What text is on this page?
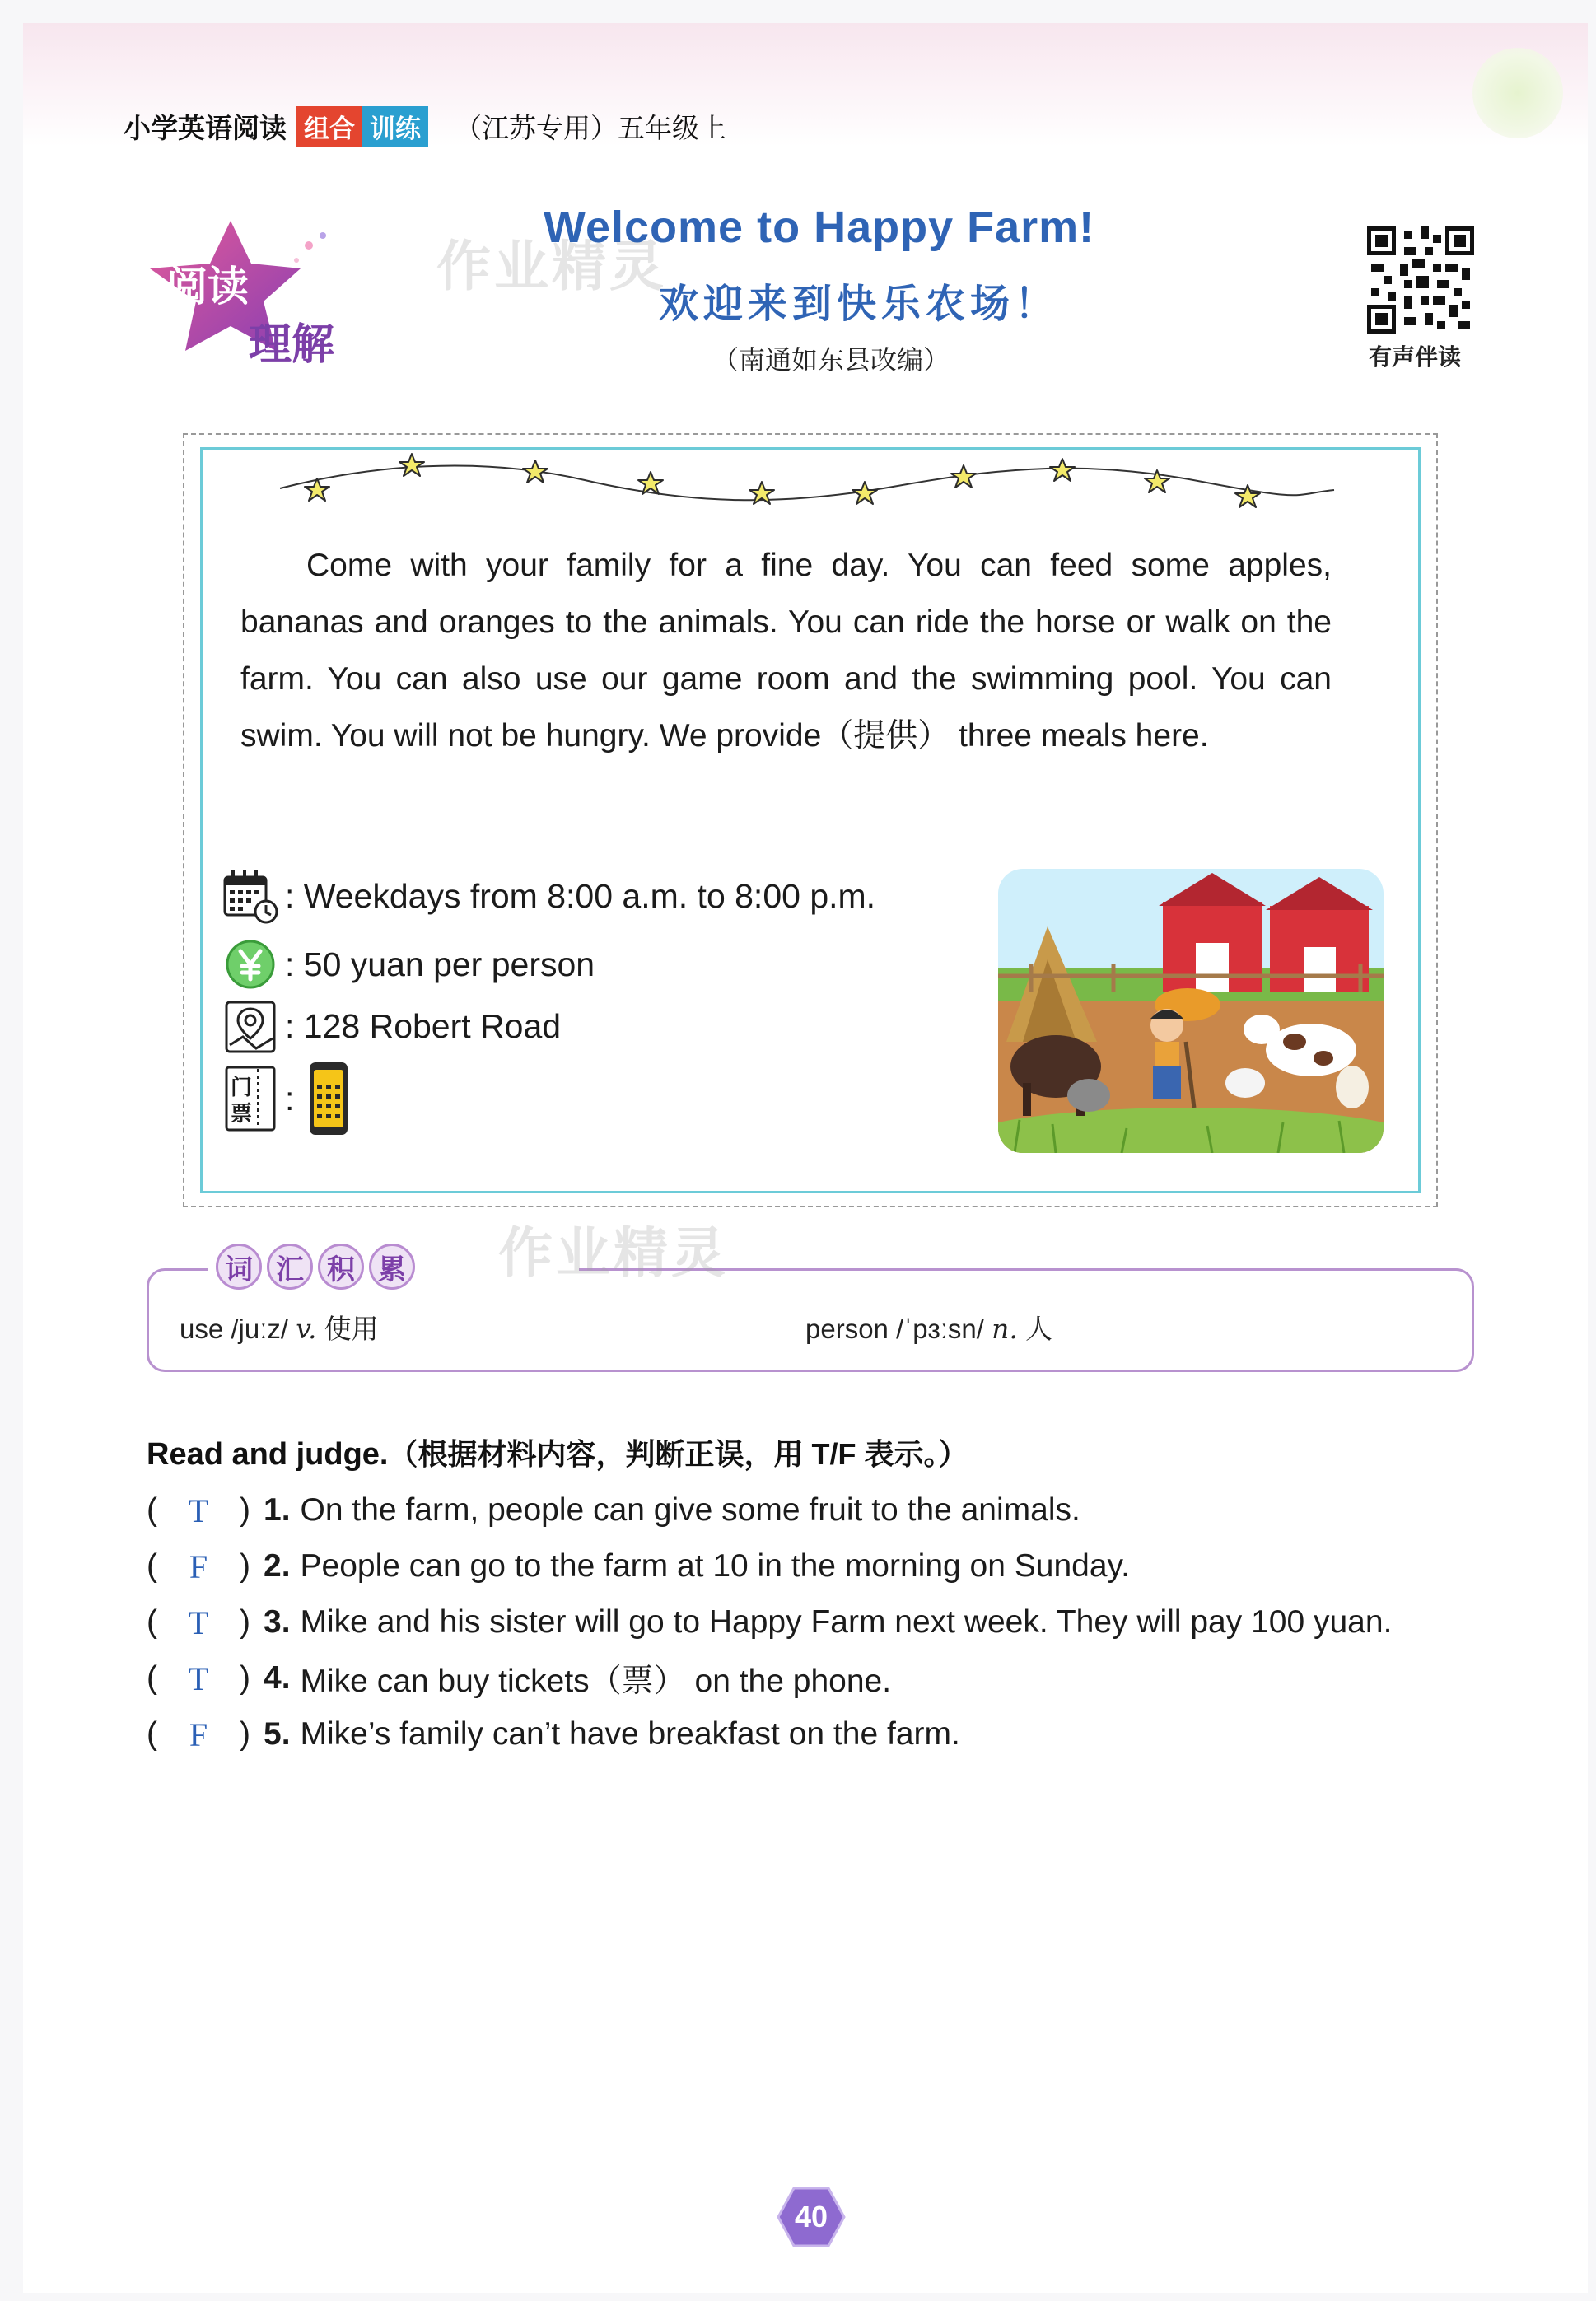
小学英语阅读 组合 训练 （江苏专用）五年级上
阅读
理解
作业精灵
Welcome to Happy Farm!
欢迎来到快乐农场！
（南通如东县改编）	有声伴读

Come with your family for a fine day. You can feed some apples, bananas and oranges to the animals. You can ride the horse or walk on the farm. You can also use our game room and the swimming pool. You can swim. You will not be hungry. We provide（提供） three meals here.

: Weekdays from 8:00 a.m. to 8:00 p.m.
: 50 yuan per person
: 128 Robert Road
门票 :
词 汇 积 累 作业精灵
use /juːz/ v. 使用	person /ˈpɜːsn/ n. 人
Read and judge.（根据材料内容，判断正误，用 T/F 表示。）
( T ) 1. On the farm, people can give some fruit to the animals.
( F ) 2. People can go to the farm at 10 in the morning on Sunday.
( T ) 3. Mike and his sister will go to Happy Farm next week. They will pay 100 yuan.
( T ) 4. Mike can buy tickets（票） on the phone.
( F ) 5. Mike’s family can’t have breakfast on the farm.
40
